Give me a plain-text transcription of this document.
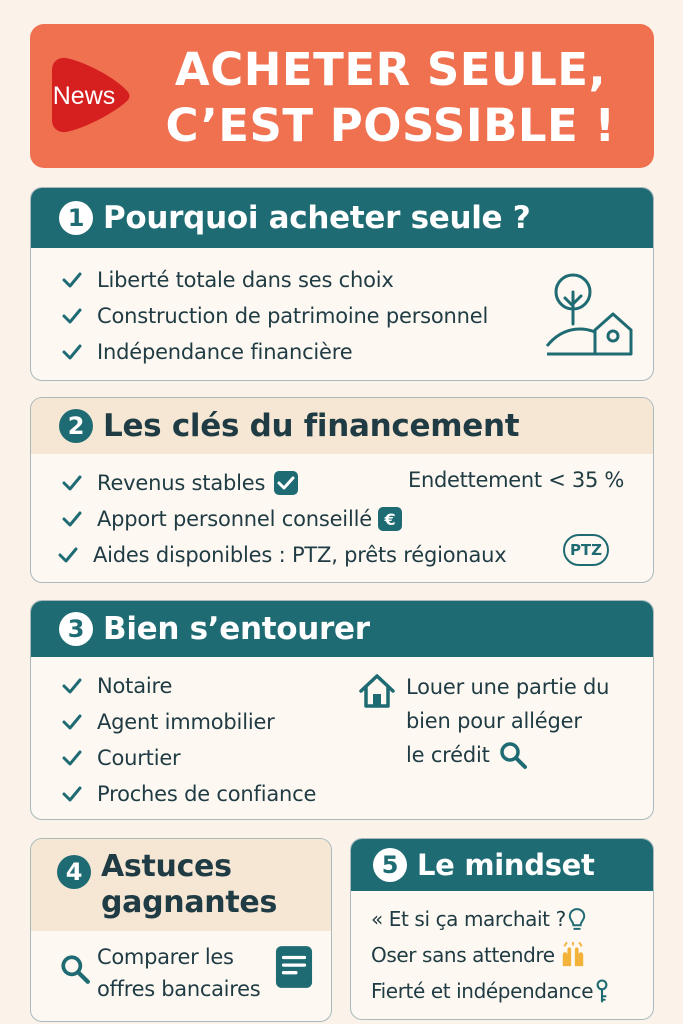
News	ACHETER SEULE,
C’EST POSSIBLE !
1 Pourquoi acheter seule ?
Liberté totale dans ses choix
Construction de patrimoine personnel
Indépendance financière
2 Les clés du financement
Revenus stables
Apport personnel conseillé €
Aides disponibles : PTZ, prêts régionaux
Endettement < 35 %
PTZ
3 Bien s’entourer
Notaire
Agent immobilier
Courtier
Proches de confiance
Louer une partie du
bien pour alléger
le crédit
4 Astuces
gagnantes
Comparer les
offres bancaires
5 Le mindset
« Et si ça marchait ?
Oser sans attendre
Fierté et indépendance
